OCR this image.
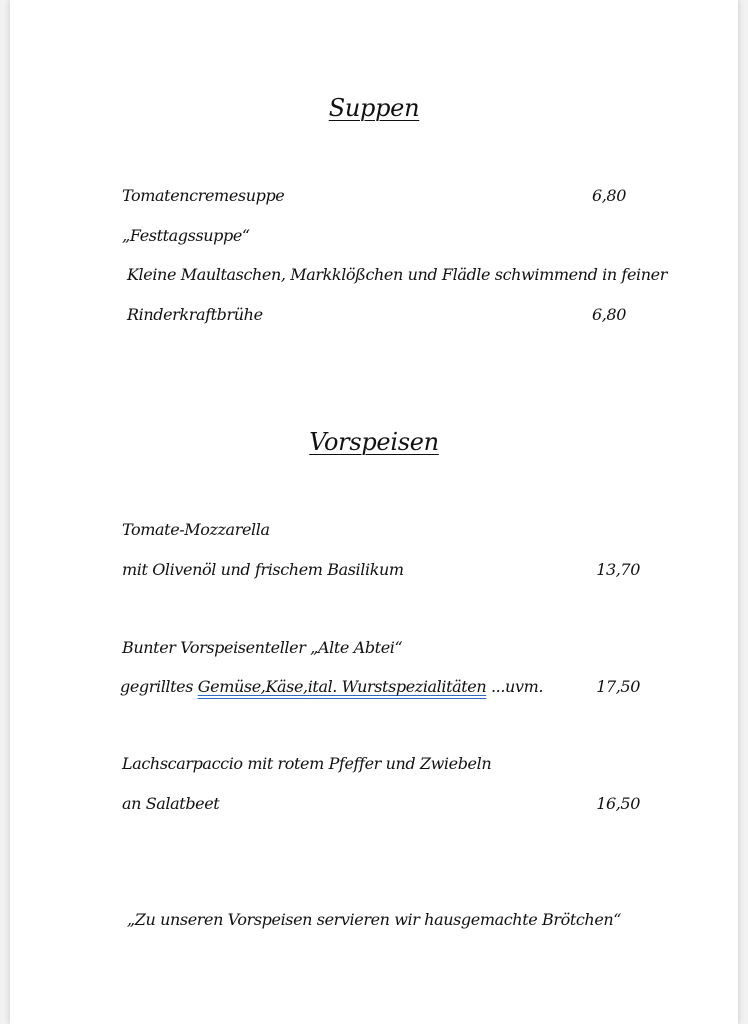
Suppen
Tomatencremesuppe	6,80
„Festtagssuppe“
Kleine Maultaschen, Markklößchen und Flädle schwimmend in feiner
Rinderkraftbrühe	6,80
Vorspeisen
Tomate-Mozzarella
mit Olivenöl und frischem Basilikum	13,70
Bunter Vorspeisenteller „Alte Abtei“
gegrilltes Gemüse,Käse,ital. Wurstspezialitäten ...uvm.	17,50
Lachscarpaccio mit rotem Pfeffer und Zwiebeln
an Salatbeet	16,50
„Zu unseren Vorspeisen servieren wir hausgemachte Brötchen“
